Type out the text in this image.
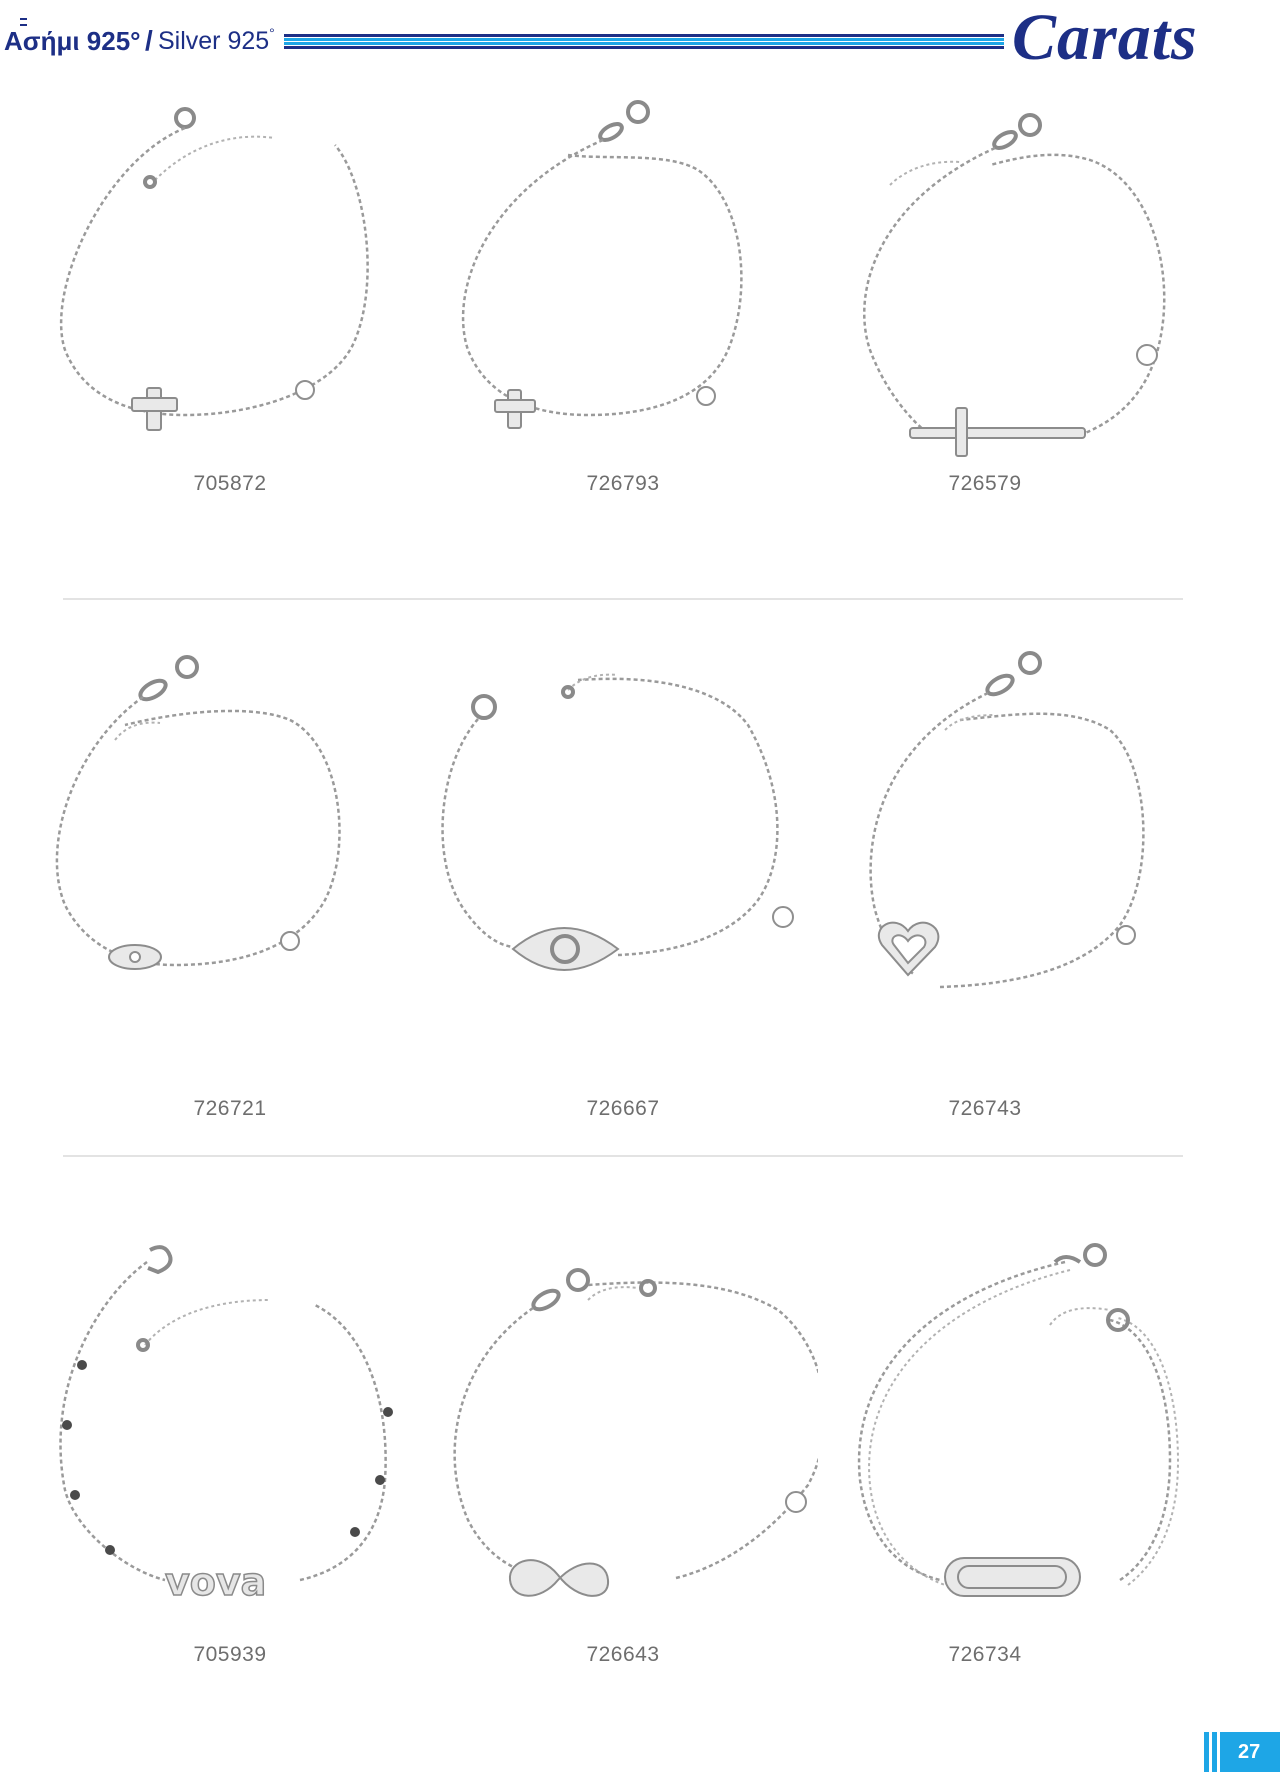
Ασήμι 925° / Silver 925°	Carats
705872	726793	726579
726721	726667	726743
vova
705939	726643	726734
27
